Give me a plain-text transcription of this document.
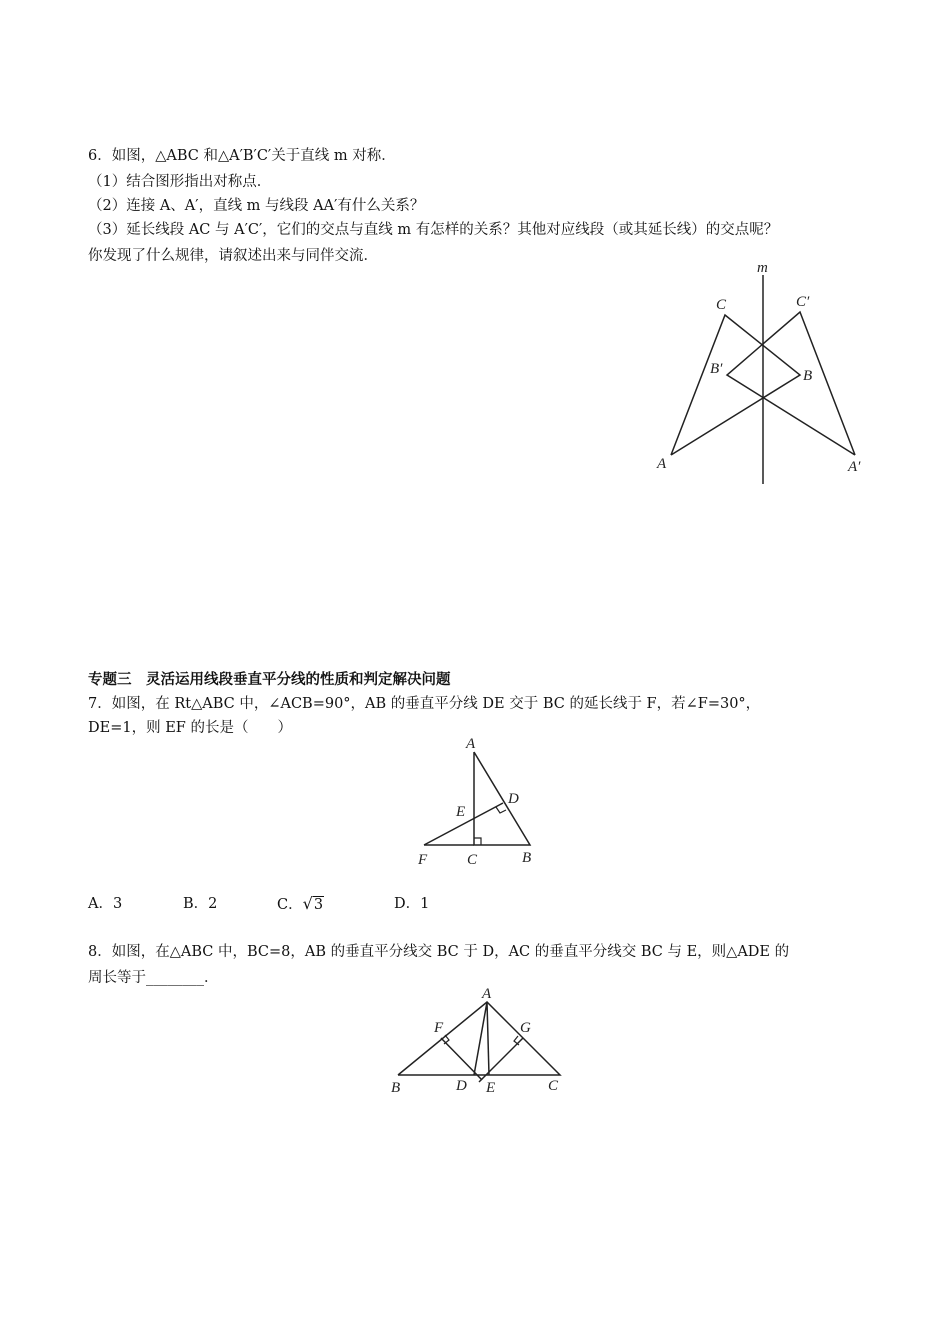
6．如图，△ABC 和△A′B′C′关于直线 m 对称．
（1）结合图形指出对称点．
（2）连接 A、A′，直线 m 与线段 AA′有什么关系？
（3）延长线段 AC 与 A′C′，它们的交点与直线 m 有怎样的关系？其他对应线段（或其延长线）的交点呢？
你发现了什么规律，请叙述出来与同伴交流．
m
C	C′
B′	B
A	A′
专题三　灵活运用线段垂直平分线的性质和判定解决问题
7．如图，在 Rt△ABC 中，∠ACB=90°，AB 的垂直平分线 DE 交于 BC 的延长线于 F，若∠F=30°，
DE=1，则 EF 的长是（　　）
A
D
E
F	C	B
A．3	B．2	C．√3	D．1
8．如图，在△ABC 中，BC=8，AB 的垂直平分线交 BC 于 D，AC 的垂直平分线交 BC 与 E，则△ADE 的
周长等于________．
A
F	G
B	D E	C
